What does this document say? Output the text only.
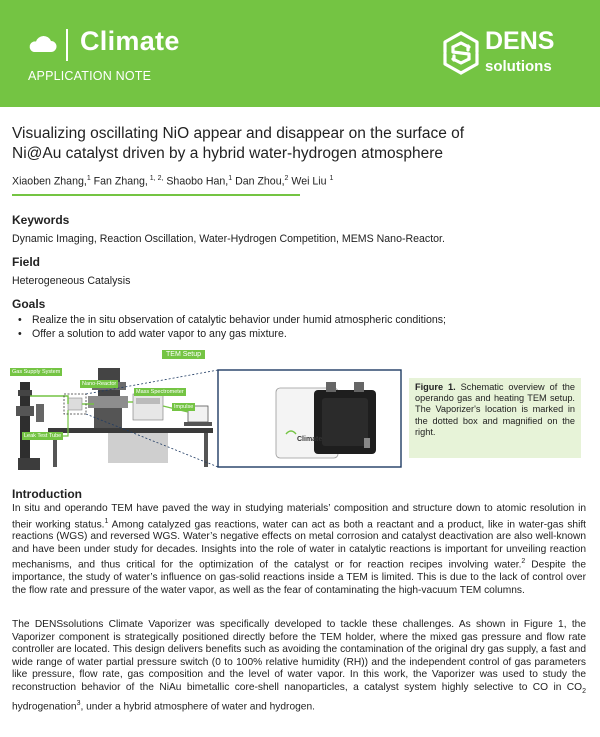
Climate
APPLICATION NOTE
DENS
solutions
Visualizing oscillating NiO appear and disappear on the surface of
Ni@Au catalyst driven by a hybrid water-hydrogen atmosphere
Xiaoben Zhang,$^1$ Fan Zhang, $^{1, 2,}$ Shaobo Han,$^1$ Dan Zhou,$^2$ Wei Liu $^1$
Keywords
Dynamic Imaging, Reaction Oscillation, Water-Hydrogen Competition, MEMS Nano-Reactor.
Field
Heterogeneous Catalysis
Goals
• Realize the in situ observation of catalytic behavior under humid atmospheric conditions;
• Offer a solution to add water vapor to any gas mixture.
TEM Setup
Gas Supply System
Nano-Reactor
Mass Spectrometer
Impulse
Leak Test Tube	Climate
Figure 1. Schematic overview of the operando gas and heating TEM setup. The Vaporizer's location is marked in the dotted box and magnified on the right.
Introduction

In situ and operando TEM have paved the way in studying materials’ composition and structure down to atomic resolution in their working status.$^1$ Among catalyzed gas reactions, water can act as both a reactant and a product, like in water-gas shift reactions (WGS) and reversed WGS. Water’s negative effects on metal corrosion and catalyst deactivation are also well-known and have been under study for decades. Insights into the role of water in catalytic reactions is important for unveiling reaction mechanisms, and thus critical for the optimization of the catalyst or for reaction recipes involving water.$^2$ Despite the importance, the study of water’s influence on gas-solid reactions inside a TEM is limited. This is due to the lack of control over the flow rate and pressure of the water vapor, as well as the fear of contaminating the high-vacuum TEM columns.

The DENSsolutions Climate Vaporizer was specifically developed to tackle these challenges. As shown in Figure 1, the Vaporizer component is strategically positioned directly before the TEM holder, where the mixed gas pressure and flow rate controller are located. This design delivers benefits such as avoiding the contamination of the original dry gas supply, a fast and wide range of water partial pressure switch (0 to 100% relative humidity (RH)) and the independent control of gas parameters like pressure, flow rate, gas composition and the level of water vapor. In this work, the Vaporizer was used to study the reconstruction behavior of the NiAu bimetallic core-shell nanoparticles, a catalyst system highly selective to CO in $CO_2$ hydrogenation$^3$, under a hybrid atmosphere of water and hydrogen.
